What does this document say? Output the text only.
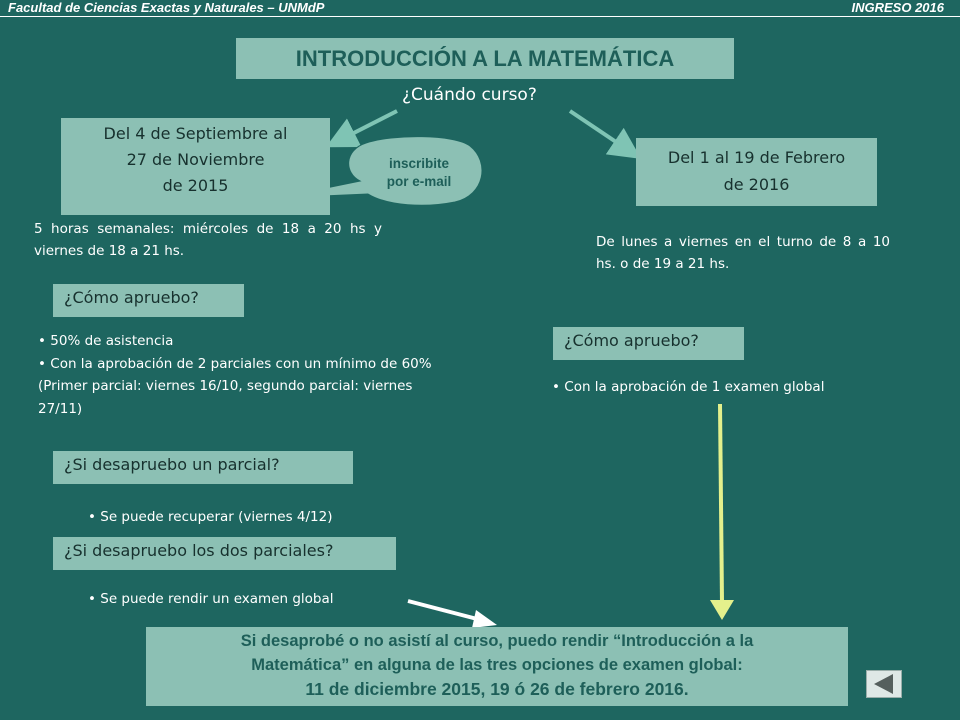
Facultad de Ciencias Exactas y Naturales – UNMdP	INGRESO 2016
INTRODUCCIÓN A LA MATEMÁTICA
¿Cuándo curso?
Del 4 de Septiembre al
27 de Noviembre
de 2015
inscribite
por e-mail
Del 1 al 19 de Febrero
de 2016
5 horas semanales: miércoles de 18 a 20 hs y viernes de 18 a 21 hs.
De lunes a viernes en el turno de 8 a 10 hs. o de 19 a 21 hs.
¿Cómo apruebo?
¿Cómo apruebo?
• 50% de asistencia
• Con la aprobación de 2 parciales con un mínimo de 60% (Primer parcial: viernes 16/10, segundo parcial: viernes 27/11)
• Con la aprobación de 1 examen global
¿Si desapruebo un parcial?
• Se puede recuperar (viernes 4/12)
¿Si desapruebo los dos parciales?
• Se puede rendir un examen global
Si desaprobé o no asistí al curso, puedo rendir “Introducción a la
Matemática” en alguna de las tres opciones de examen global:
11 de diciembre 2015, 19 ó 26 de febrero 2016.
